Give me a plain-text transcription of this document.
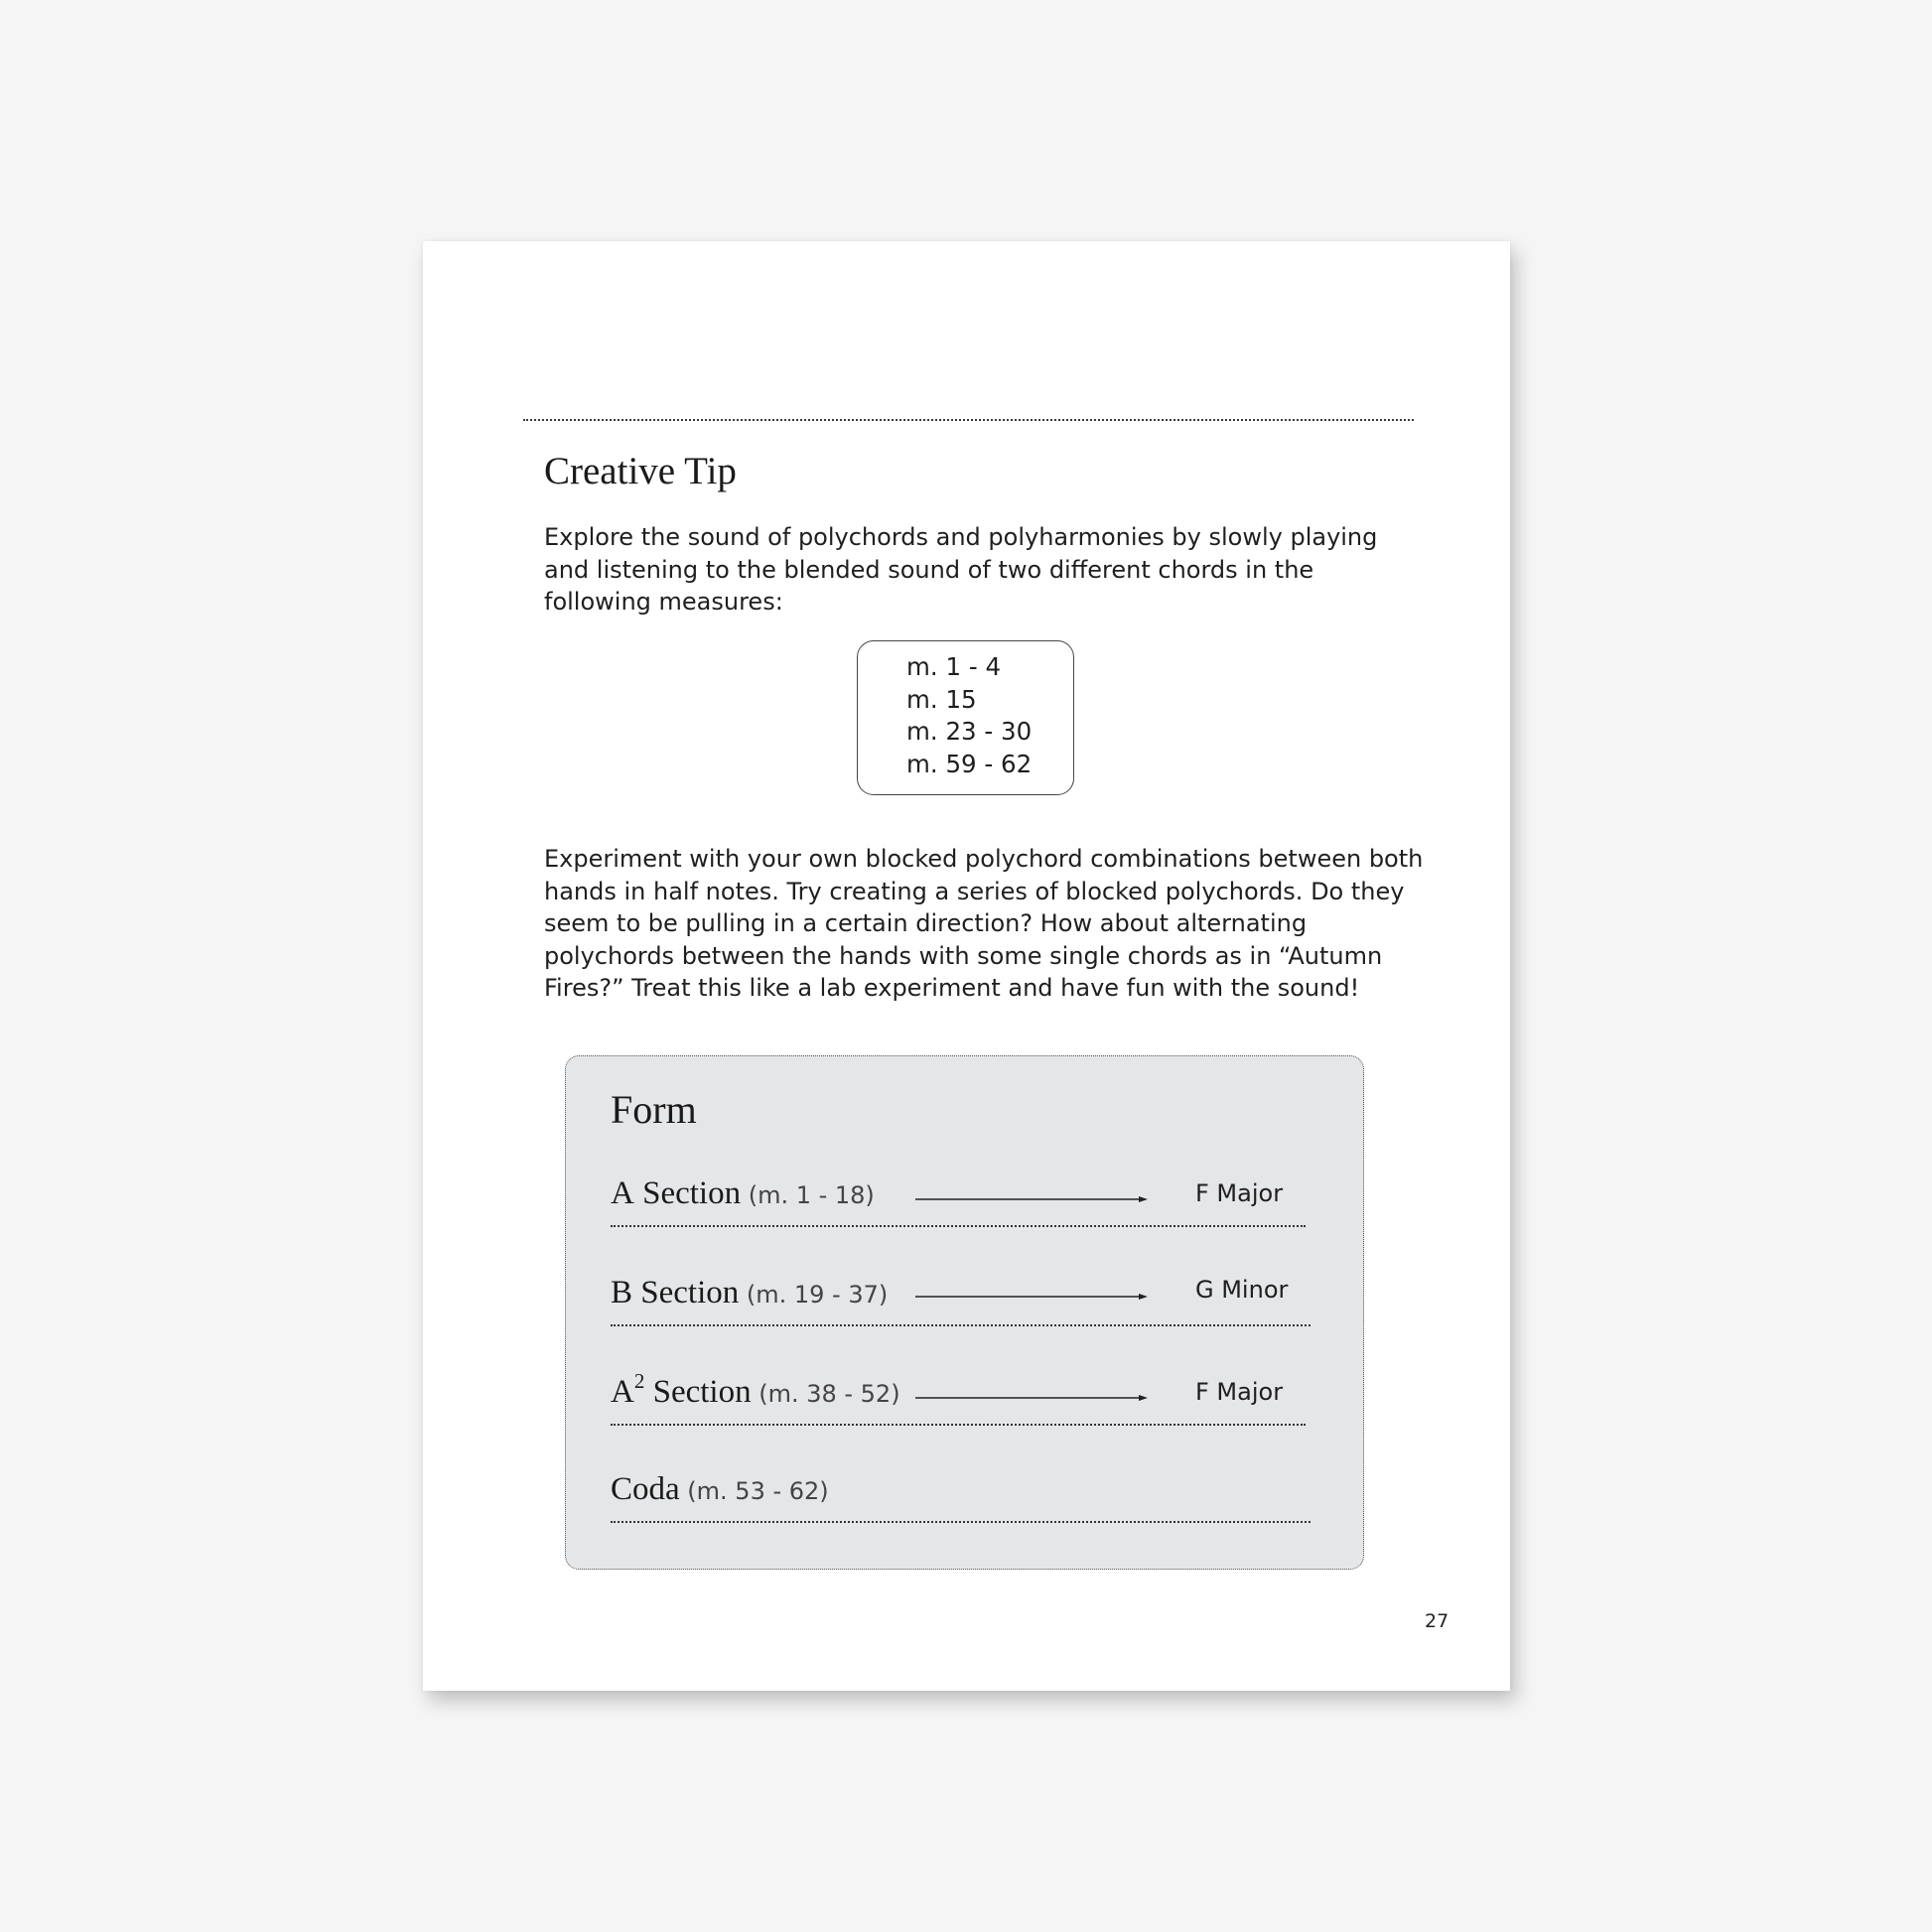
Creative Tip

Explore the sound of polychords and polyharmonies by slowly playing and listening to the blended sound of two different chords in the following measures:

m. 1 - 4
m. 15
m. 23 - 30
m. 59 - 62

Experiment with your own blocked polychord combinations between both hands in half notes. Try creating a series of blocked polychords. Do they seem to be pulling in a certain direction? How about alternating polychords between the hands with some single chords as in “Autumn Fires?” Treat this like a lab experiment and have fun with the sound!

Form
A Section (m. 1 - 18)	F Major
B Section (m. 19 - 37)	G Minor
$A^2$ Section (m. 38 - 52)	F Major
Coda (m. 53 - 62)
27
